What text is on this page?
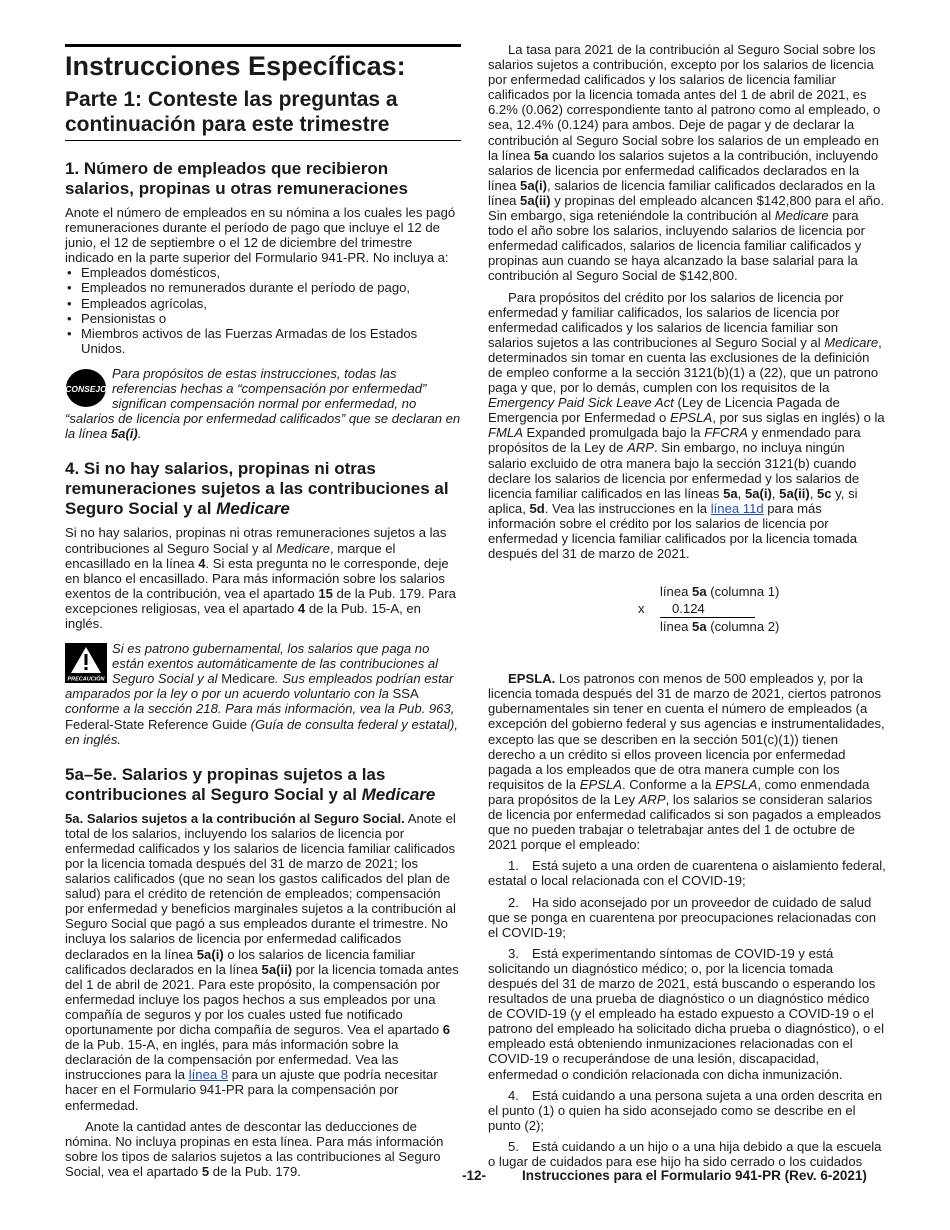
Instrucciones Específicas:
Parte 1: Conteste las preguntas a continuación para este trimestre
1. Número de empleados que recibieron salarios, propinas u otras remuneraciones

Anote el número de empleados en su nómina a los cuales les pagó remuneraciones durante el período de pago que incluye el 12 de junio, el 12 de septiembre o el 12 de diciembre del trimestre indicado en la parte superior del Formulario 941-PR. No incluya a:

• Empleados domésticos,
• Empleados no remunerados durante el período de pago,
• Empleados agrícolas,
• Pensionistas o
• Miembros activos de las Fuerzas Armadas de los Estados Unidos.
CONSEJO
Para propósitos de estas instrucciones, todas las referencias hechas a “compensación por enfermedad” significan compensación normal por enfermedad, no “salarios de licencia por enfermedad calificados” que se declaran en la línea 5a(i).
4. Si no hay salarios, propinas ni otras remuneraciones sujetos a las contribuciones al Seguro Social y al Medicare

Si no hay salarios, propinas ni otras remuneraciones sujetos a las contribuciones al Seguro Social y al Medicare, marque el encasillado en la línea 4. Si esta pregunta no le corresponde, deje en blanco el encasillado. Para más información sobre los salarios exentos de la contribución, vea el apartado 15 de la Pub. 179. Para excepciones religiosas, vea el apartado 4 de la Pub. 15-A, en inglés.

PRECAUCIÓN
Si es patrono gubernamental, los salarios que paga no están exentos automáticamente de las contribuciones al Seguro Social y al Medicare. Sus empleados podrían estar amparados por la ley o por un acuerdo voluntario con la SSA conforme a la sección 218. Para más información, vea la Pub. 963, Federal-State Reference Guide (Guía de consulta federal y estatal), en inglés.
5a–5e. Salarios y propinas sujetos a las contribuciones al Seguro Social y al Medicare

5a. Salarios sujetos a la contribución al Seguro Social. Anote el total de los salarios, incluyendo los salarios de licencia por enfermedad calificados y los salarios de licencia familiar calificados por la licencia tomada después del 31 de marzo de 2021; los salarios calificados (que no sean los gastos calificados del plan de salud) para el crédito de retención de empleados; compensación por enfermedad y beneficios marginales sujetos a la contribución al Seguro Social que pagó a sus empleados durante el trimestre. No incluya los salarios de licencia por enfermedad calificados declarados en la línea 5a(i) o los salarios de licencia familiar calificados declarados en la línea 5a(ii) por la licencia tomada antes del 1 de abril de 2021. Para este propósito, la compensación por enfermedad incluye los pagos hechos a sus empleados por una compañía de seguros y por los cuales usted fue notificado oportunamente por dicha compañía de seguros. Vea el apartado 6 de la Pub. 15-A, en inglés, para más información sobre la declaración de la compensación por enfermedad. Vea las instrucciones para la línea 8 para un ajuste que podría necesitar hacer en el Formulario 941-PR para la compensación por enfermedad.

Anote la cantidad antes de descontar las deducciones de nómina. No incluya propinas en esta línea. Para más información sobre los tipos de salarios sujetos a las contribuciones al Seguro Social, vea el apartado 5 de la Pub. 179.

La tasa para 2021 de la contribución al Seguro Social sobre los salarios sujetos a contribución, excepto por los salarios de licencia por enfermedad calificados y los salarios de licencia familiar calificados por la licencia tomada antes del 1 de abril de 2021, es 6.2% (0.062) correspondiente tanto al patrono como al empleado, o sea, 12.4% (0.124) para ambos. Deje de pagar y de declarar la contribución al Seguro Social sobre los salarios de un empleado en la línea 5a cuando los salarios sujetos a la contribución, incluyendo salarios de licencia por enfermedad calificados declarados en la línea 5a(i), salarios de licencia familiar calificados declarados en la línea 5a(ii) y propinas del empleado alcancen $142,800 para el año. Sin embargo, siga reteniéndole la contribución al Medicare para todo el año sobre los salarios, incluyendo salarios de licencia por enfermedad calificados, salarios de licencia familiar calificados y propinas aun cuando se haya alcanzado la base salarial para la contribución al Seguro Social de $142,800.

Para propósitos del crédito por los salarios de licencia por enfermedad y familiar calificados, los salarios de licencia por enfermedad calificados y los salarios de licencia familiar son salarios sujetos a las contribuciones al Seguro Social y al Medicare, determinados sin tomar en cuenta las exclusiones de la definición de empleo conforme a la sección 3121(b)(1) a (22), que un patrono paga y que, por lo demás, cumplen con los requisitos de la Emergency Paid Sick Leave Act (Ley de Licencia Pagada de Emergencia por Enfermedad o EPSLA, por sus siglas en inglés) o la FMLA Expanded promulgada bajo la FFCRA y enmendado para propósitos de la Ley de ARP. Sin embargo, no incluya ningún salario excluido de otra manera bajo la sección 3121(b) cuando declare los salarios de licencia por enfermedad y los salarios de licencia familiar calificados en las líneas 5a, 5a(i), 5a(ii), 5c y, si aplica, 5d. Vea las instrucciones en la línea 11d para más información sobre el crédito por los salarios de licencia por enfermedad y licencia familiar calificados por la licencia tomada después del 31 de marzo de 2021.

línea 5a (columna 1)
x 0.124
línea 5a (columna 2)

EPSLA. Los patronos con menos de 500 empleados y, por la licencia tomada después del 31 de marzo de 2021, ciertos patronos gubernamentales sin tener en cuenta el número de empleados (a excepción del gobierno federal y sus agencias e instrumentalidades, excepto las que se describen en la sección 501(c)(1)) tienen derecho a un crédito si ellos proveen licencia por enfermedad pagada a los empleados que de otra manera cumple con los requisitos de la EPSLA. Conforme a la EPSLA, como enmendada para propósitos de la Ley ARP, los salarios se consideran salarios de licencia por enfermedad calificados si son pagados a empleados que no pueden trabajar o teletrabajar antes del 1 de octubre de 2021 porque el empleado:

1. Está sujeto a una orden de cuarentena o aislamiento federal, estatal o local relacionada con el COVID-19;
2. Ha sido aconsejado por un proveedor de cuidado de salud que se ponga en cuarentena por preocupaciones relacionadas con el COVID-19;
3. Está experimentando síntomas de COVID-19 y está solicitando un diagnóstico médico; o, por la licencia tomada después del 31 de marzo de 2021, está buscando o esperando los resultados de una prueba de diagnóstico o un diagnóstico médico de COVID-19 (y el empleado ha estado expuesto a COVID-19 o el patrono del empleado ha solicitado dicha prueba o diagnóstico), o el empleado está obteniendo inmunizaciones relacionadas con el COVID-19 o recuperándose de una lesión, discapacidad, enfermedad o condición relacionada con dicha inmunización.
4. Está cuidando a una persona sujeta a una orden descrita en el punto (1) o quien ha sido aconsejado como se describe en el punto (2);
5. Está cuidando a un hijo o a una hija debido a que la escuela o lugar de cuidados para ese hijo ha sido cerrado o los cuidados
-12-	Instrucciones para el Formulario 941-PR (Rev. 6-2021)
